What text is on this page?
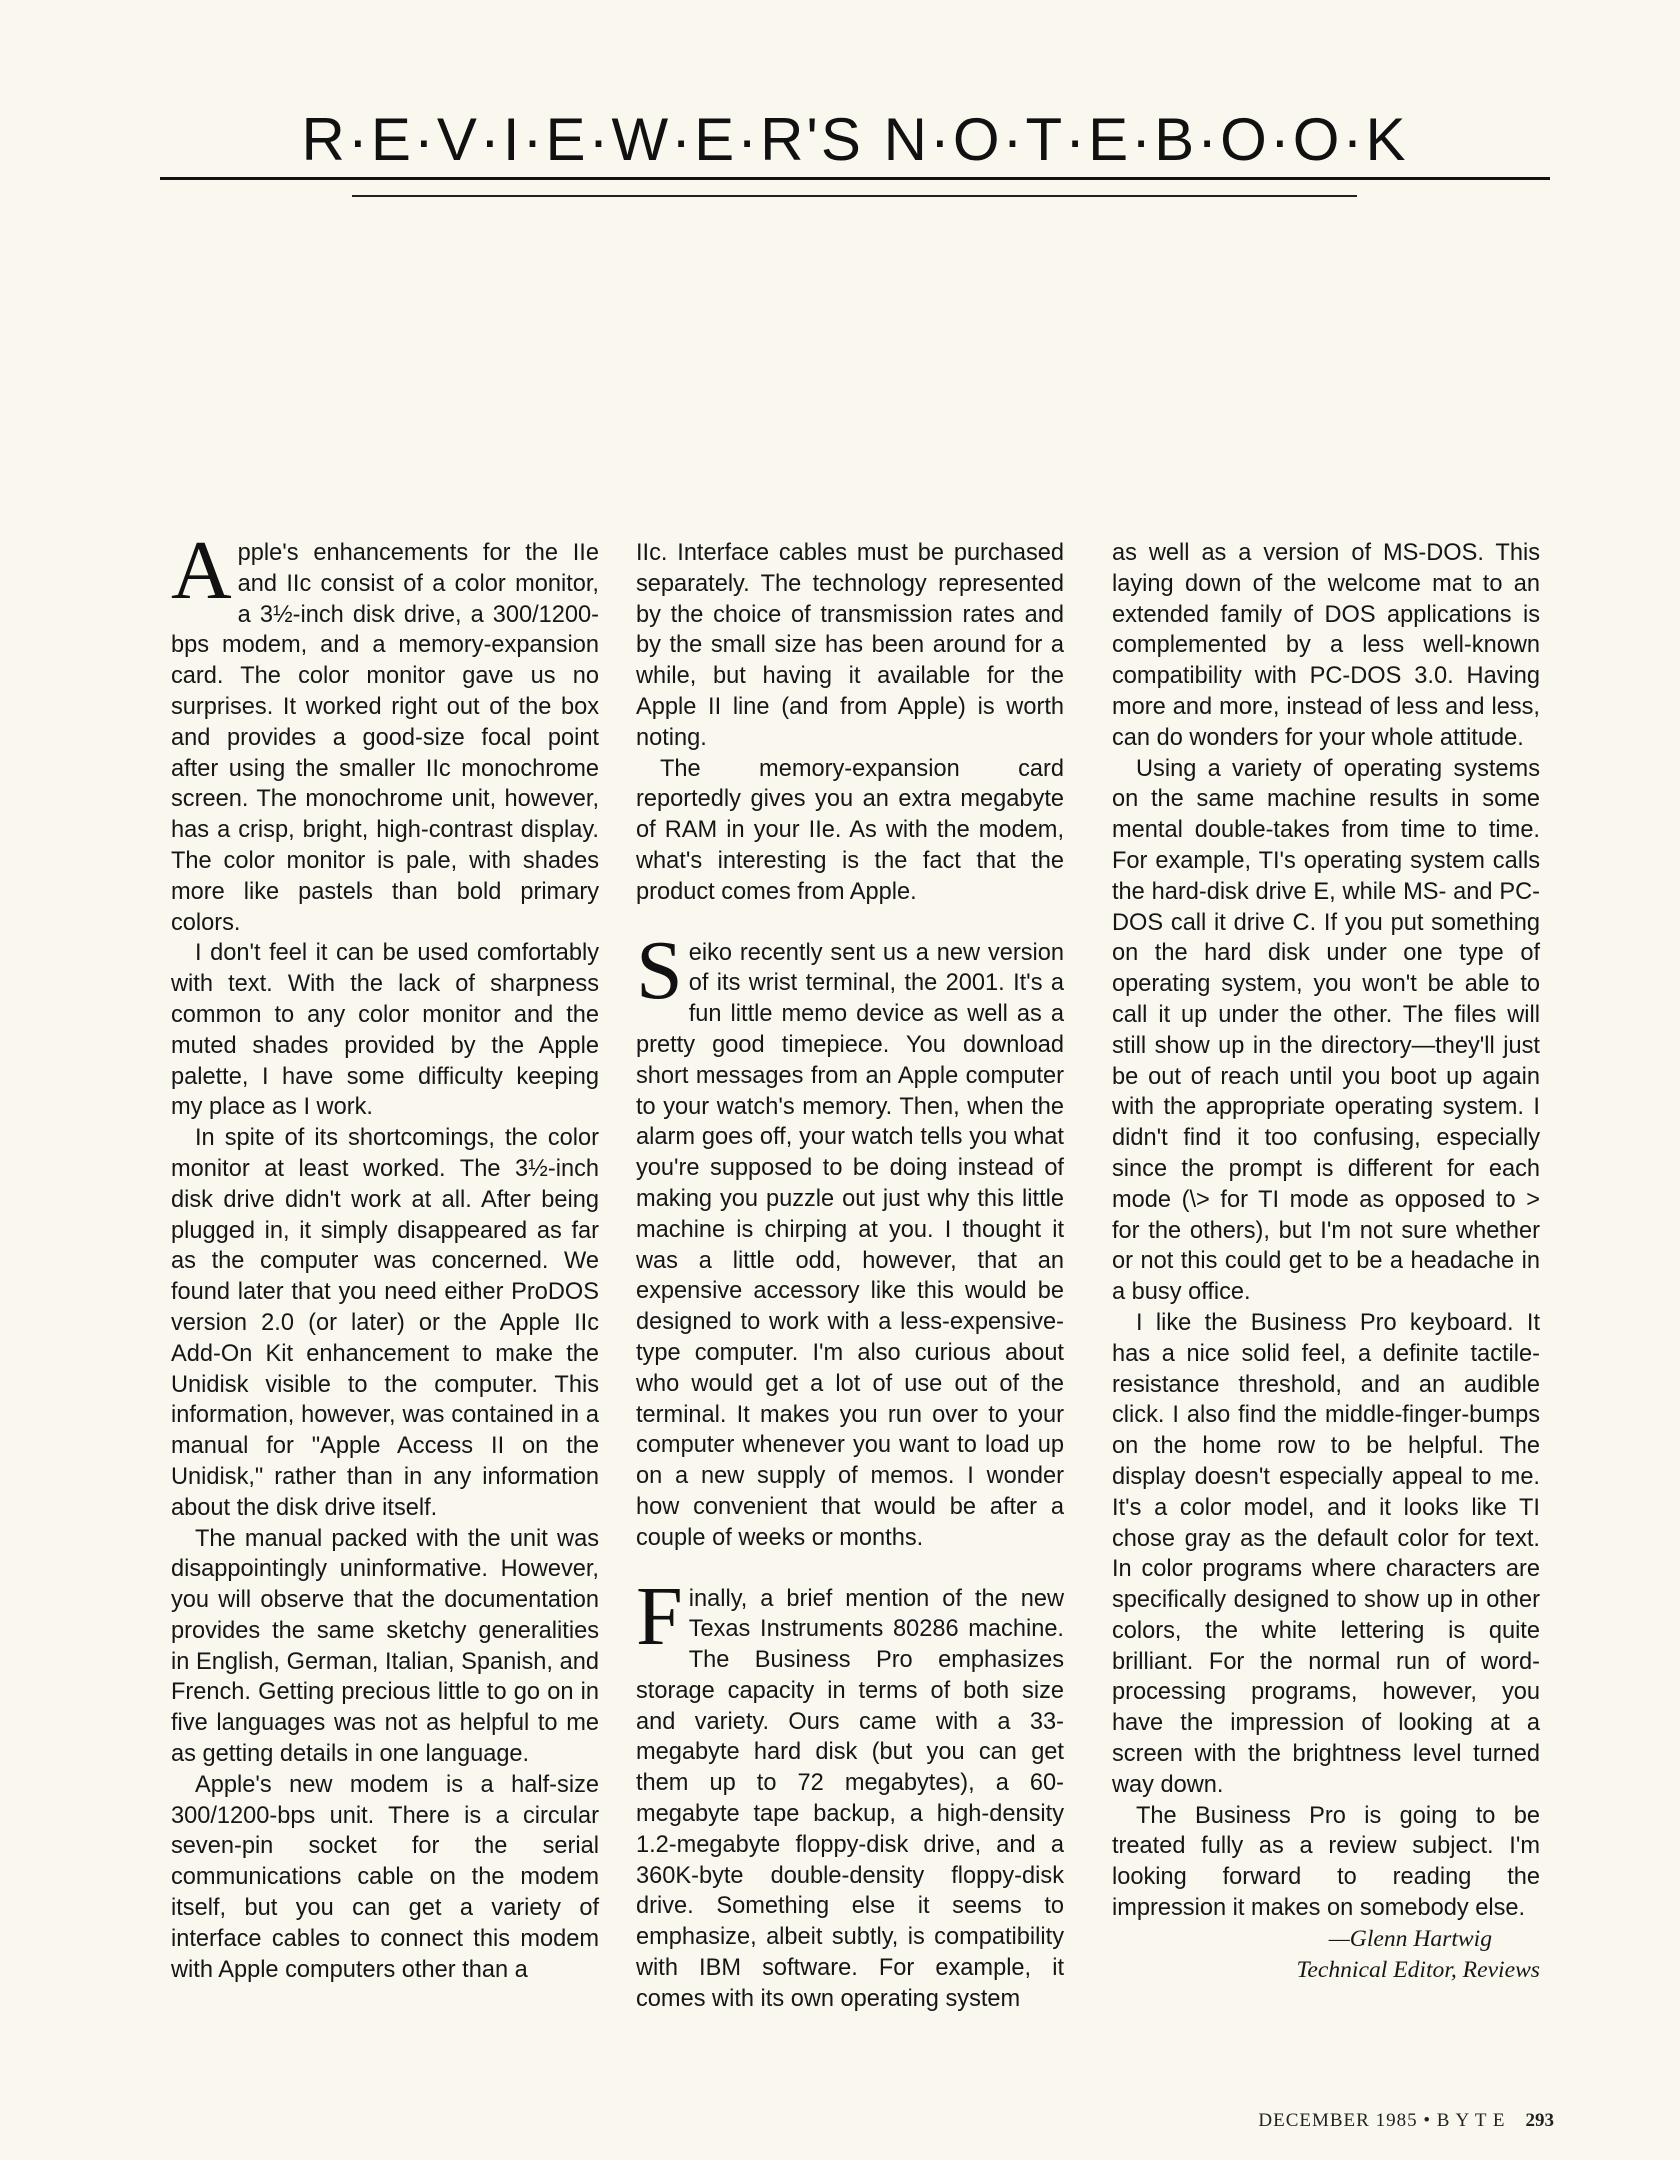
R·E·V·I·E·W·E·R'S N·O·T·E·B·O·O·K

Apple's enhancements for the IIe and IIc consist of a color monitor, a 3½-inch disk drive, a 300/1200-bps modem, and a memory-expansion card. The color monitor gave us no surprises. It worked right out of the box and provides a good-size focal point after using the smaller IIc monochrome screen. The monochrome unit, however, has a crisp, bright, high-contrast display. The color monitor is pale, with shades more like pastels than bold primary colors.

I don't feel it can be used comfortably with text. With the lack of sharpness common to any color monitor and the muted shades provided by the Apple palette, I have some difficulty keeping my place as I work.

In spite of its shortcomings, the color monitor at least worked. The 3½-inch disk drive didn't work at all. After being plugged in, it simply disappeared as far as the computer was concerned. We found later that you need either ProDOS version 2.0 (or later) or the Apple IIc Add-On Kit enhancement to make the Unidisk visible to the computer. This information, however, was contained in a manual for "Apple Access II on the Unidisk," rather than in any information about the disk drive itself.

The manual packed with the unit was disappointingly uninformative. However, you will observe that the documentation provides the same sketchy generalities in English, German, Italian, Spanish, and French. Getting precious little to go on in five languages was not as helpful to me as getting details in one language.

Apple's new modem is a half-size 300/1200-bps unit. There is a circular seven-pin socket for the serial communications cable on the modem itself, but you can get a variety of interface cables to connect this modem with Apple computers other than a

IIc. Interface cables must be purchased separately. The technology represented by the choice of transmission rates and by the small size has been around for a while, but having it available for the Apple II line (and from Apple) is worth noting.

The memory-expansion card reportedly gives you an extra megabyte of RAM in your IIe. As with the modem, what's interesting is the fact that the product comes from Apple.

Seiko recently sent us a new version of its wrist terminal, the 2001. It's a fun little memo device as well as a pretty good timepiece. You download short messages from an Apple computer to your watch's memory. Then, when the alarm goes off, your watch tells you what you're supposed to be doing instead of making you puzzle out just why this little machine is chirping at you. I thought it was a little odd, however, that an expensive accessory like this would be designed to work with a less-expensive-type computer. I'm also curious about who would get a lot of use out of the terminal. It makes you run over to your computer whenever you want to load up on a new supply of memos. I wonder how convenient that would be after a couple of weeks or months.

Finally, a brief mention of the new Texas Instruments 80286 machine. The Business Pro emphasizes storage capacity in terms of both size and variety. Ours came with a 33-megabyte hard disk (but you can get them up to 72 megabytes), a 60-megabyte tape backup, a high-density 1.2-megabyte floppy-disk drive, and a 360K-byte double-density floppy-disk drive. Something else it seems to emphasize, albeit subtly, is compatibility with IBM software. For example, it comes with its own operating system

as well as a version of MS-DOS. This laying down of the welcome mat to an extended family of DOS applications is complemented by a less well-known compatibility with PC-DOS 3.0. Having more and more, instead of less and less, can do wonders for your whole attitude.

Using a variety of operating systems on the same machine results in some mental double-takes from time to time. For example, TI's operating system calls the hard-disk drive E, while MS- and PC-DOS call it drive C. If you put something on the hard disk under one type of operating system, you won't be able to call it up under the other. The files will still show up in the directory—they'll just be out of reach until you boot up again with the appropriate operating system. I didn't find it too confusing, especially since the prompt is different for each mode (\> for TI mode as opposed to > for the others), but I'm not sure whether or not this could get to be a headache in a busy office.

I like the Business Pro keyboard. It has a nice solid feel, a definite tactile-resistance threshold, and an audible click. I also find the middle-finger-bumps on the home row to be helpful. The display doesn't especially appeal to me. It's a color model, and it looks like TI chose gray as the default color for text. In color programs where characters are specifically designed to show up in other colors, the white lettering is quite brilliant. For the normal run of word-processing programs, however, you have the impression of looking at a screen with the brightness level turned way down.

The Business Pro is going to be treated fully as a review subject. I'm looking forward to reading the impression it makes on somebody else.

—Glenn Hartwig
Technical Editor, Reviews
DECEMBER 1985 • B Y T E 293
